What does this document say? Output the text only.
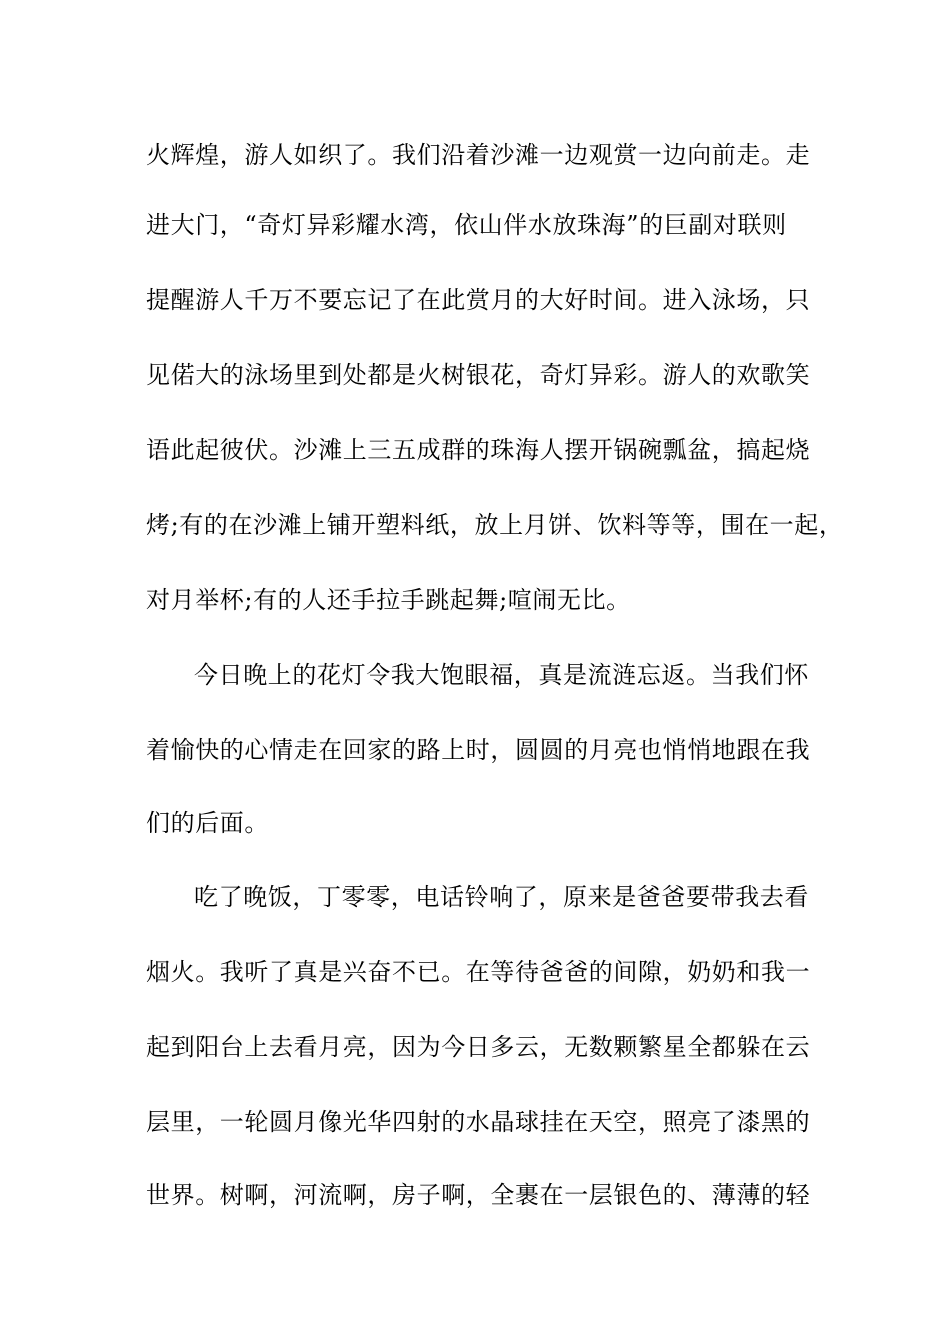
火辉煌，游人如织了。我们沿着沙滩一边观赏一边向前走。走
进大门，“奇灯异彩耀水湾，依山伴水放珠海”的巨副对联则
提醒游人千万不要忘记了在此赏月的大好时间。进入泳场，只
见偌大的泳场里到处都是火树银花，奇灯异彩。游人的欢歌笑
语此起彼伏。沙滩上三五成群的珠海人摆开锅碗瓢盆，搞起烧
烤;有的在沙滩上铺开塑料纸，放上月饼、饮料等等，围在一起，
对月举杯;有的人还手拉手跳起舞;喧闹无比。
今日晚上的花灯令我大饱眼福，真是流涟忘返。当我们怀
着愉快的心情走在回家的路上时，圆圆的月亮也悄悄地跟在我
们的后面。
吃了晚饭，丁零零，电话铃响了，原来是爸爸要带我去看
烟火。我听了真是兴奋不已。在等待爸爸的间隙，奶奶和我一
起到阳台上去看月亮，因为今日多云，无数颗繁星全都躲在云
层里，一轮圆月像光华四射的水晶球挂在天空，照亮了漆黑的
世界。树啊，河流啊，房子啊，全裹在一层银色的、薄薄的轻
